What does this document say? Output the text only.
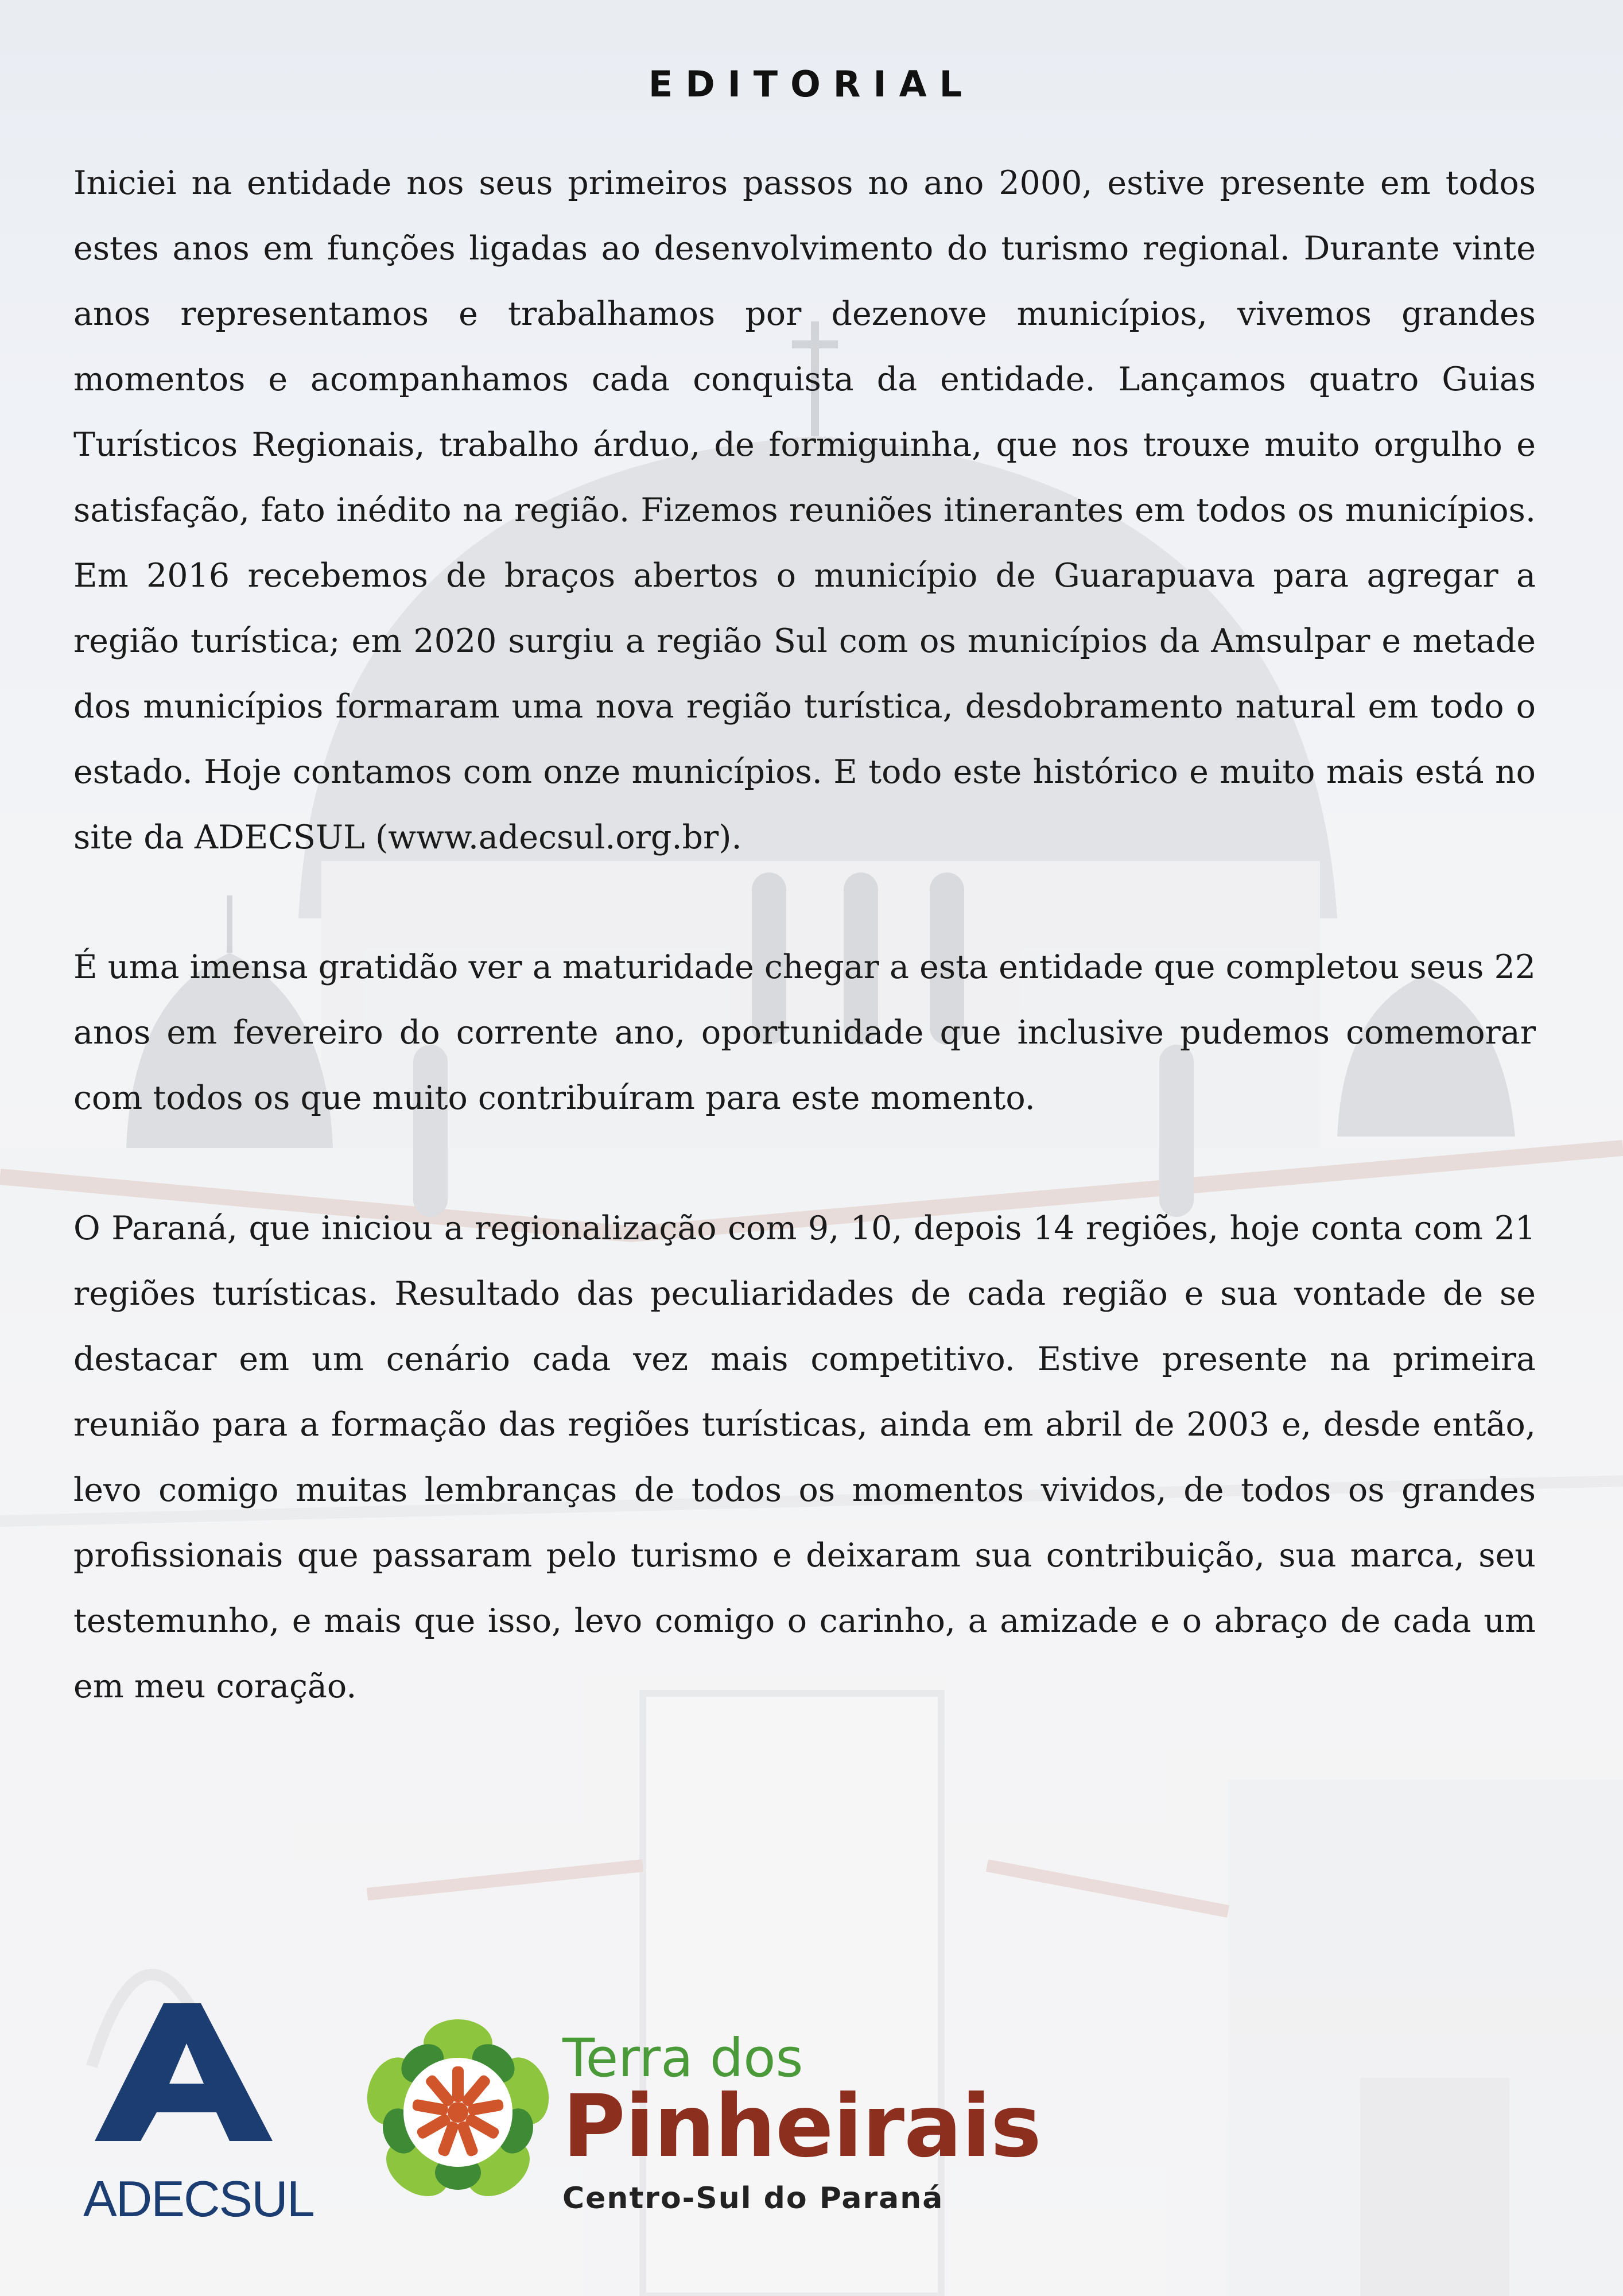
EDITORIAL

Iniciei na entidade nos seus primeiros passos no ano 2000, estive presente em todos estes anos em funções ligadas ao desenvolvimento do turismo regional. Durante vinte anos representamos e trabalhamos por dezenove municípios, vivemos grandes momentos e acompanhamos cada conquista da entidade. Lançamos quatro Guias Turísticos Regionais, trabalho árduo, de formiguinha, que nos trouxe muito orgulho e satisfação, fato inédito na região. Fizemos reuniões itinerantes em todos os municípios. Em 2016 recebemos de braços abertos o município de Guarapuava para agregar a região turística; em 2020 surgiu a região Sul com os municípios da Amsulpar e metade dos municípios formaram uma nova região turística, desdobramento natural em todo o estado. Hoje contamos com onze municípios. E todo este histórico e muito mais está no site da ADECSUL (www.adecsul.org.br).

É uma imensa gratidão ver a maturidade chegar a esta entidade que completou seus 22 anos em fevereiro do corrente ano, oportunidade que inclusive pudemos comemorar com todos os que muito contribuíram para este momento.

O Paraná, que iniciou a regionalização com 9, 10, depois 14 regiões, hoje conta com 21 regiões turísticas. Resultado das peculiaridades de cada região e sua vontade de se destacar em um cenário cada vez mais competitivo. Estive presente na primeira reunião para a formação das regiões turísticas, ainda em abril de 2003 e, desde então, levo comigo muitas lembranças de todos os momentos vividos, de todos os grandes profissionais que passaram pelo turismo e deixaram sua contribuição, sua marca, seu testemunho, e mais que isso, levo comigo o carinho, a amizade e o abraço de cada um em meu coração.

ADECSUL
Terra dos
Pinheirais
Centro-Sul do Paraná
